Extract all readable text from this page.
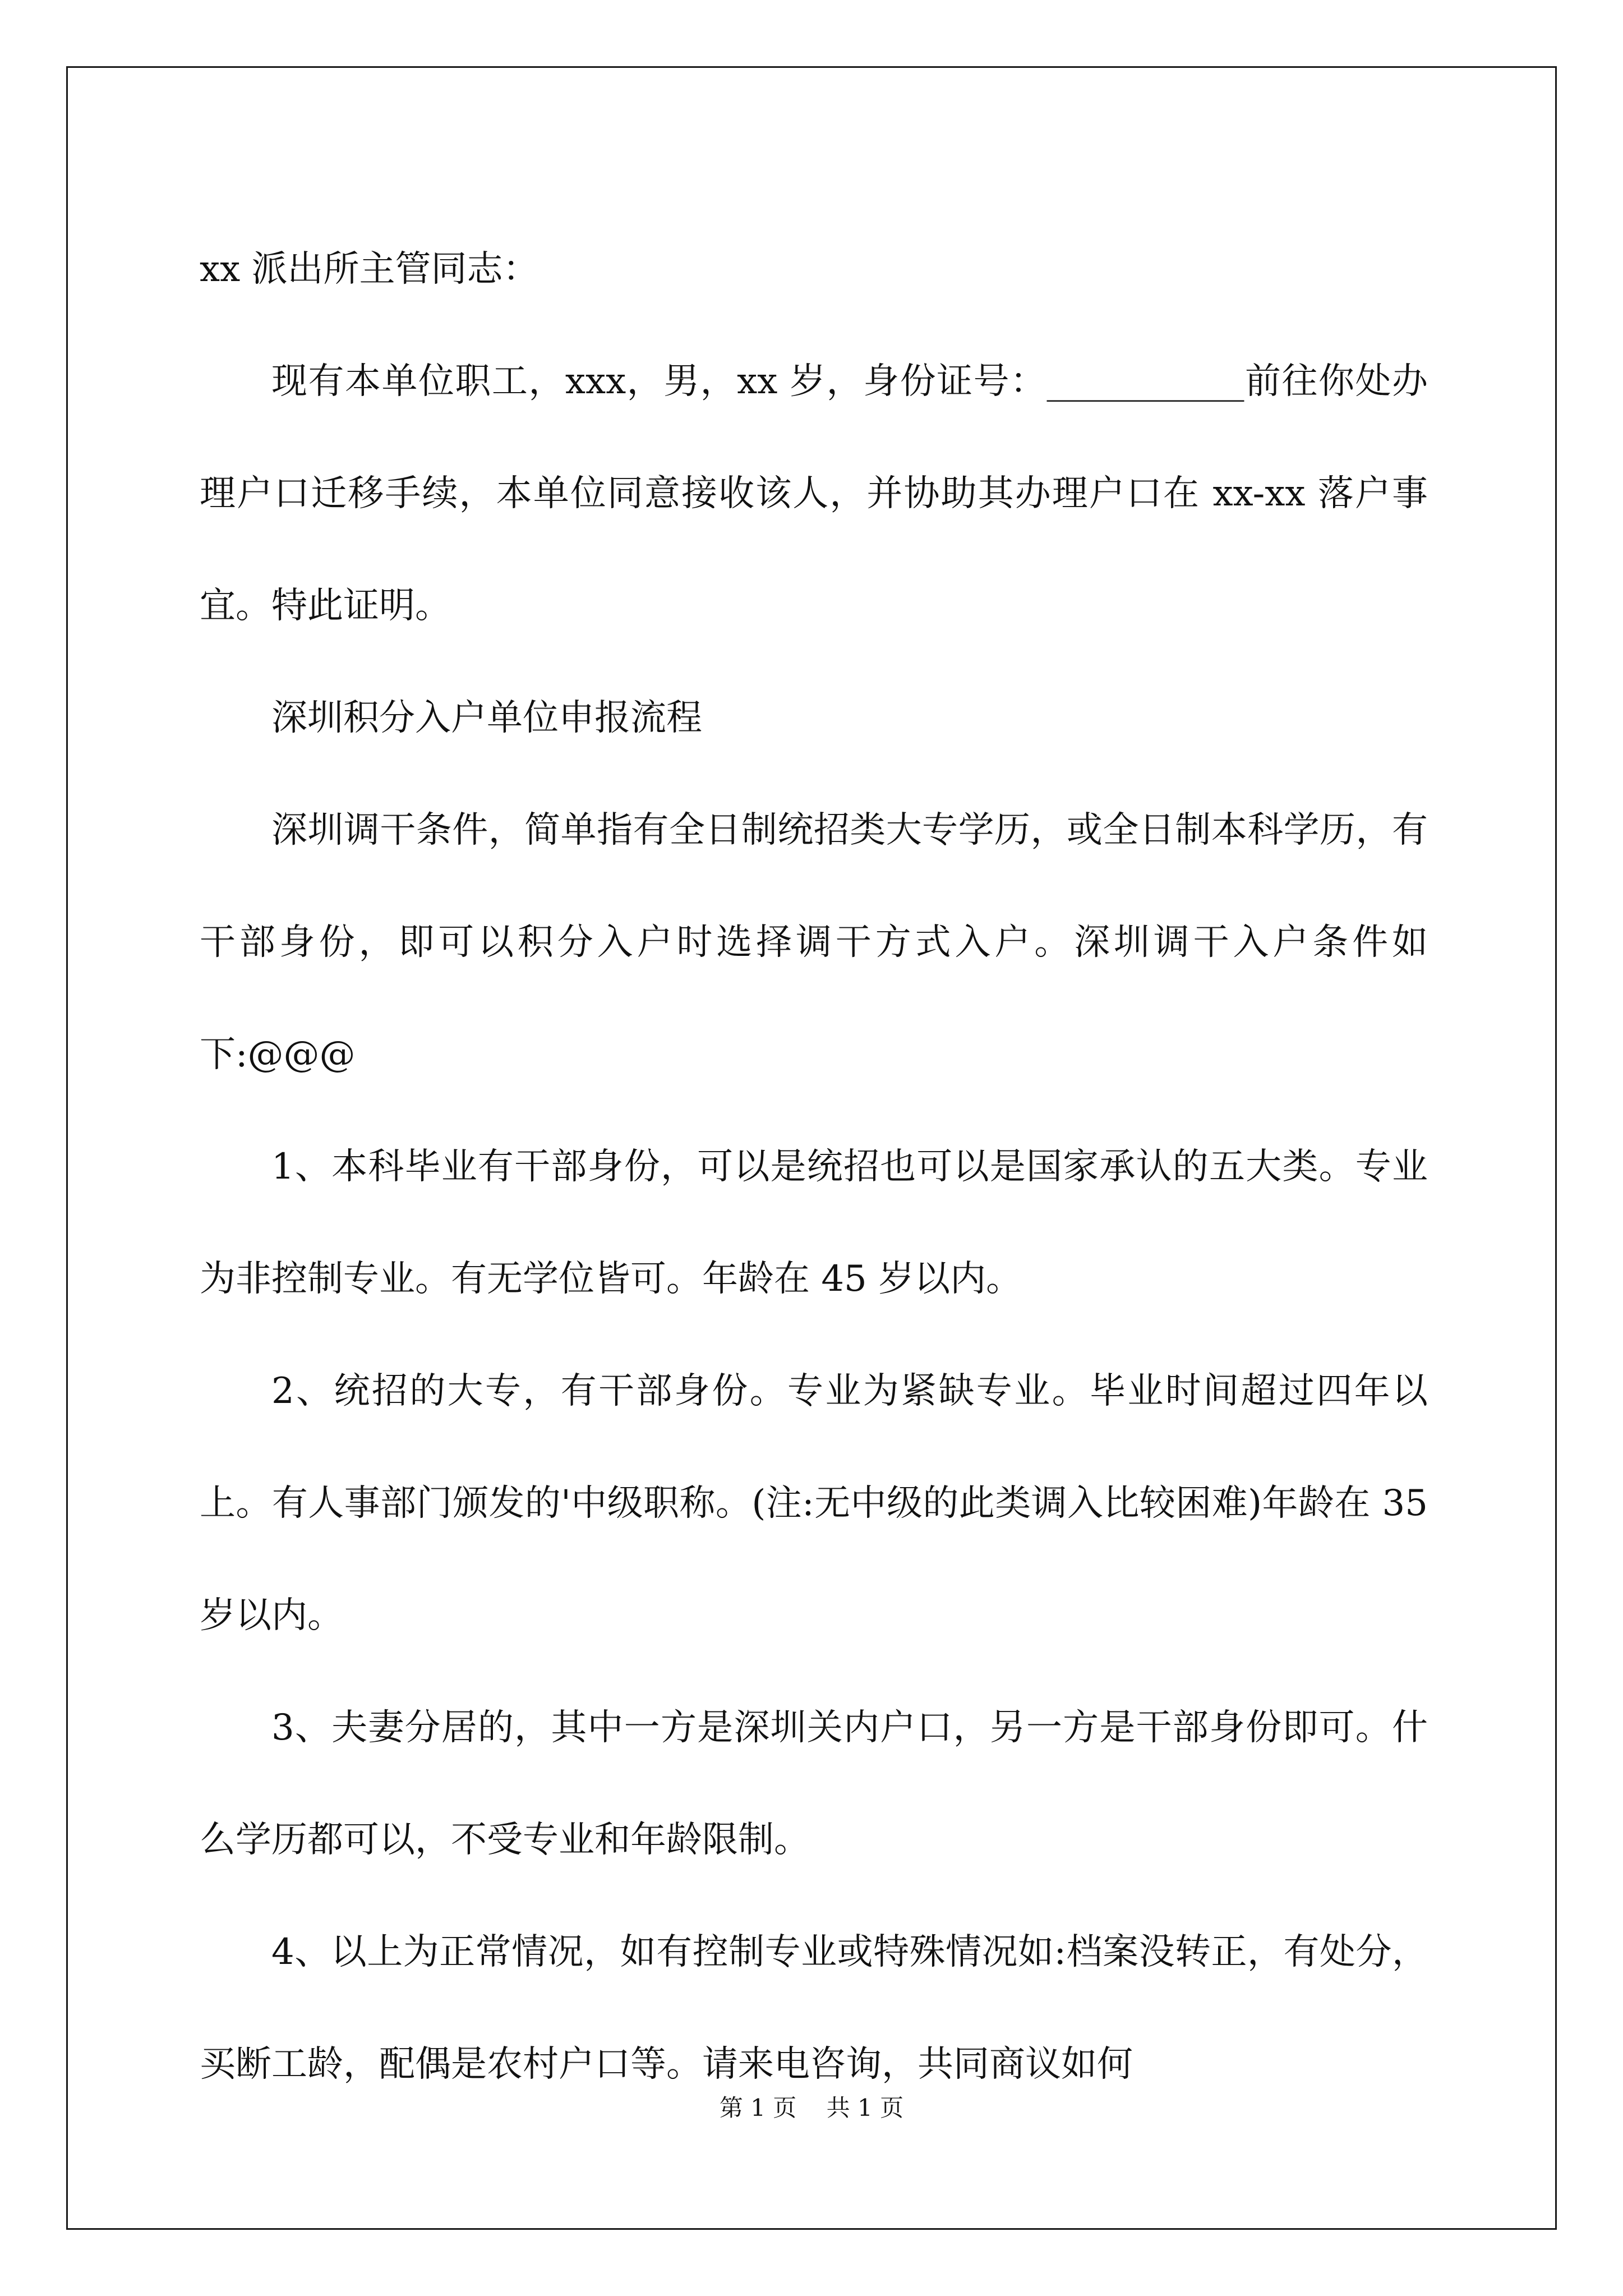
xx 派出所主管同志：

现有本单位职工，xxx，男，xx 岁，身份证号：___________前往你处办理户口迁移手续，本单位同意接收该人，并协助其办理户口在 xx-xx 落户事宜。特此证明。

深圳积分入户单位申报流程

深圳调干条件，简单指有全日制统招类大专学历，或全日制本科学历，有干部身份，即可以积分入户时选择调干方式入户。深圳调干入户条件如下:@@@

1、本科毕业有干部身份，可以是统招也可以是国家承认的五大类。专业为非控制专业。有无学位皆可。年龄在 45 岁以内。

2、统招的大专，有干部身份。专业为紧缺专业。毕业时间超过四年以上。有人事部门颁发的'中级职称。(注:无中级的此类调入比较困难)年龄在 35 岁以内。

3、夫妻分居的，其中一方是深圳关内户口，另一方是干部身份即可。什么学历都可以，不受专业和年龄限制。

4、以上为正常情况，如有控制专业或特殊情况如:档案没转正，有处分，买断工龄，配偶是农村户口等。请来电咨询，共同商议如何

第 1 页 共 1 页
